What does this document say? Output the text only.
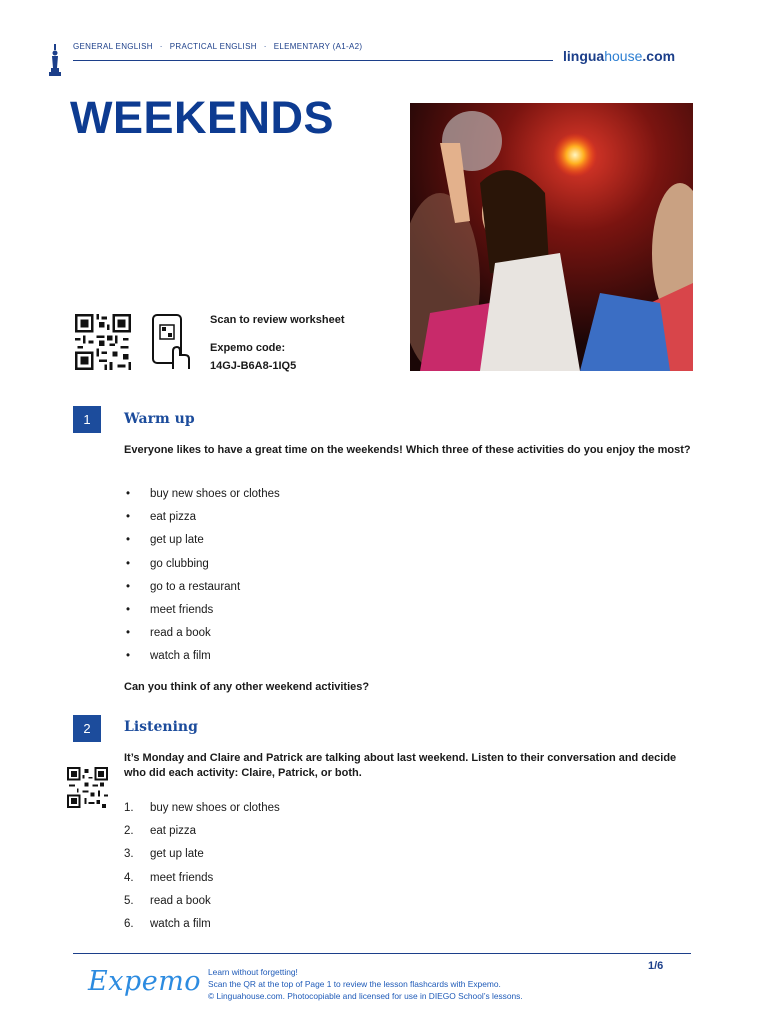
GENERAL ENGLISH · PRACTICAL ENGLISH · ELEMENTARY (A1-A2)
linguahouse.com
WEEKENDS
Scan to review worksheet
Expemo code:
14GJ-B6A8-1IQ5
1	Warm up
Everyone likes to have a great time on the weekends! Which three of these activities do you enjoy the most?
• buy new shoes or clothes
• eat pizza
• get up late
• go clubbing
• go to a restaurant
• meet friends
• read a book
• watch a film
Can you think of any other weekend activities?
2	Listening
It’s Monday and Claire and Patrick are talking about last weekend. Listen to their conversation and decide who did each activity: Claire, Patrick, or both.
1. buy new shoes or clothes
2. eat pizza
3. get up late
4. meet friends
5. read a book
6. watch a film
Expemo Learn without forgetting!
Scan the QR at the top of Page 1 to review the lesson flashcards with Expemo.
© Linguahouse.com. Photocopiable and licensed for use in DIEGO School’s lessons.
1/6
